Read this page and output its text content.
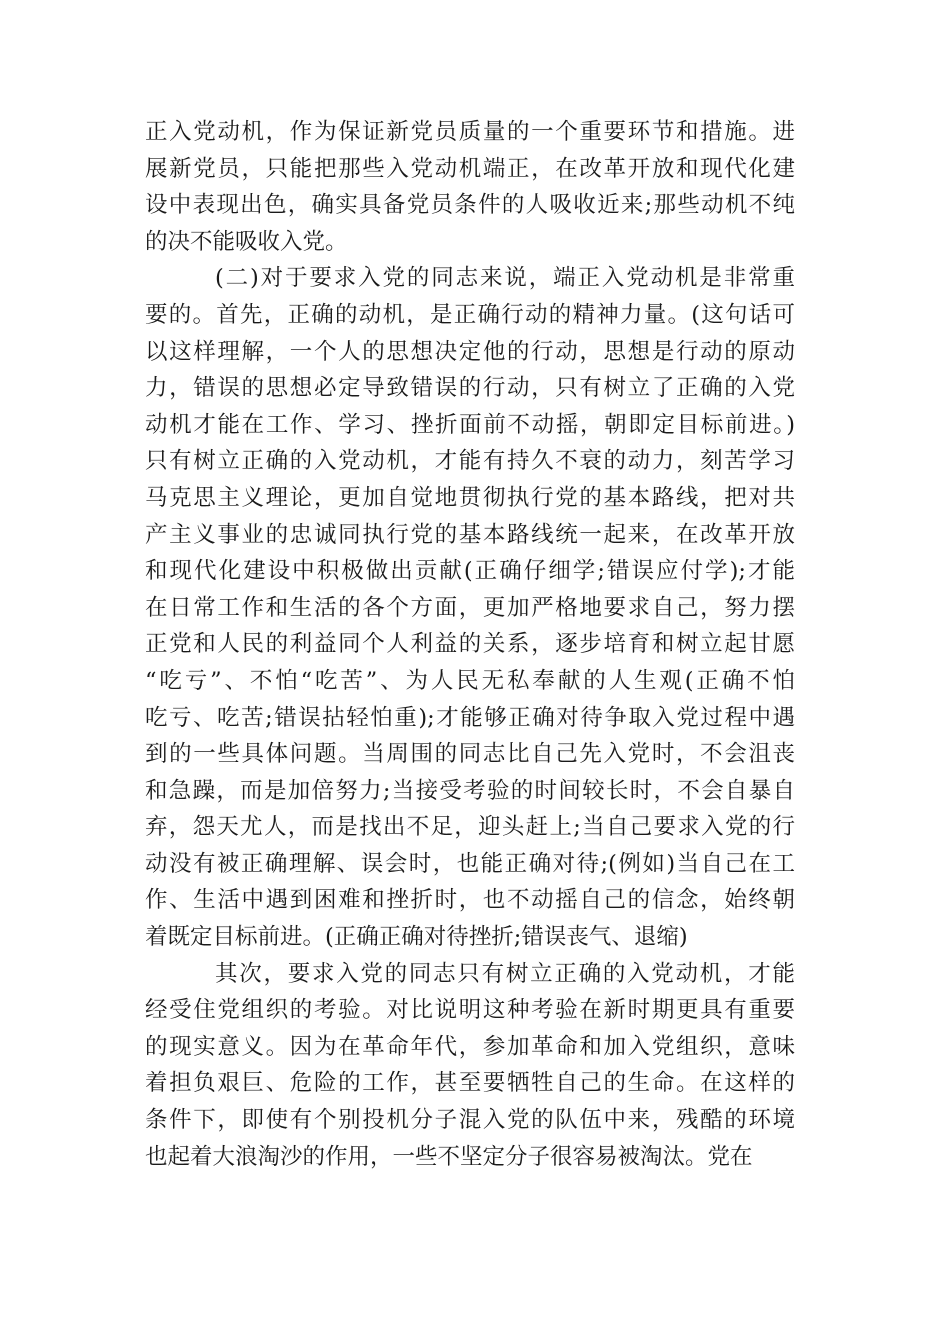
正入党动机，作为保证新党员质量的一个重要环节和措施。进
展新党员，只能把那些入党动机端正，在改革开放和现代化建
设中表现出色，确实具备党员条件的人吸收近来;那些动机不纯
的决不能吸收入党。
(二)对于要求入党的同志来说，端正入党动机是非常重
要的。首先，正确的动机，是正确行动的精神力量。(这句话可
以这样理解，一个人的思想决定他的行动，思想是行动的原动
力，错误的思想必定导致错误的行动，只有树立了正确的入党
动机才能在工作、学习、挫折面前不动摇，朝即定目标前进。)
只有树立正确的入党动机，才能有持久不衰的动力，刻苦学习
马克思主义理论，更加自觉地贯彻执行党的基本路线，把对共
产主义事业的忠诚同执行党的基本路线统一起来，在改革开放
和现代化建设中积极做出贡献(正确仔细学;错误应付学);才能
在日常工作和生活的各个方面，更加严格地要求自己，努力摆
正党和人民的利益同个人利益的关系，逐步培育和树立起甘愿
“吃亏”、不怕“吃苦”、为人民无私奉献的人生观(正确不怕
吃亏、吃苦;错误拈轻怕重);才能够正确对待争取入党过程中遇
到的一些具体问题。当周围的同志比自己先入党时，不会沮丧
和急躁，而是加倍努力;当接受考验的时间较长时，不会自暴自
弃，怨天尤人，而是找出不足，迎头赶上;当自己要求入党的行
动没有被正确理解、误会时，也能正确对待;(例如)当自己在工
作、生活中遇到困难和挫折时，也不动摇自己的信念，始终朝
着既定目标前进。(正确正确对待挫折;错误丧气、退缩)
其次，要求入党的同志只有树立正确的入党动机，才能
经受住党组织的考验。对比说明这种考验在新时期更具有重要
的现实意义。因为在革命年代，参加革命和加入党组织，意味
着担负艰巨、危险的工作，甚至要牺牲自己的生命。在这样的
条件下，即使有个别投机分子混入党的队伍中来，残酷的环境
也起着大浪淘沙的作用，一些不坚定分子很容易被淘汰。党在
